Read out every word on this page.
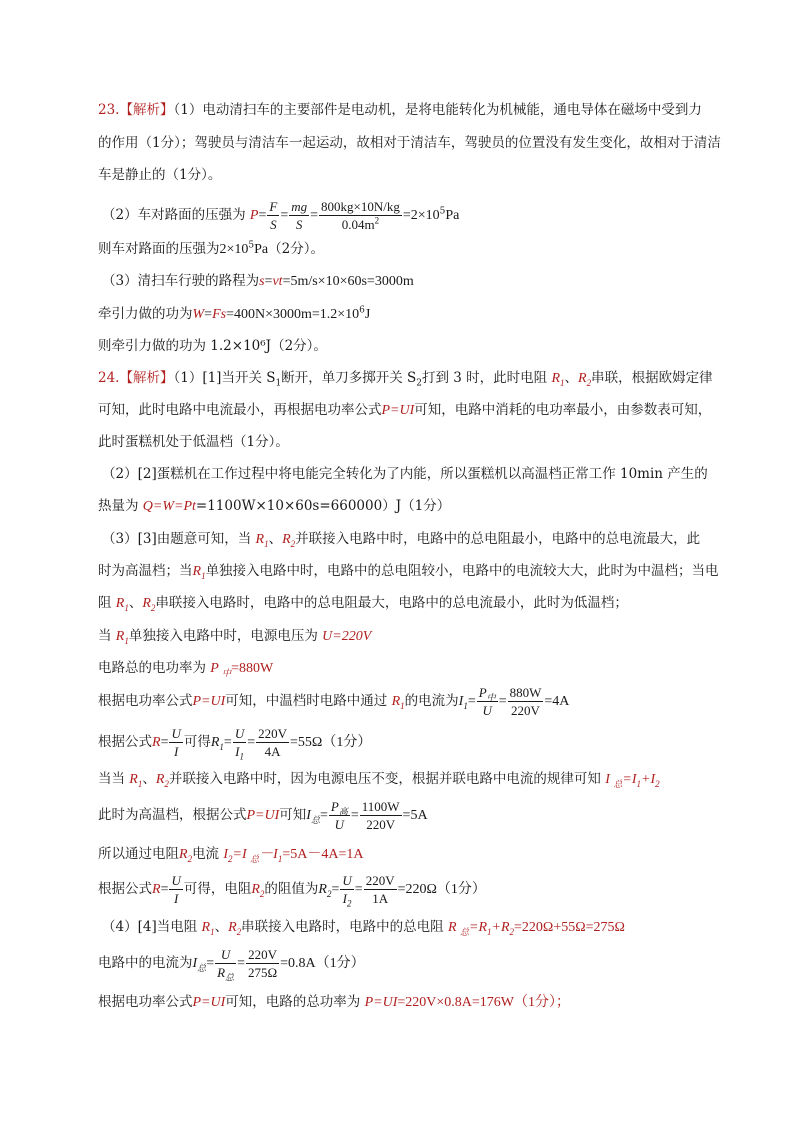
23.【解析】（1）电动清扫车的主要部件是电动机，是将电能转化为机械能，通电导体在磁场中受到力
的作用（1分）；驾驶员与清洁车一起运动，故相对于清洁车，驾驶员的位置没有发生变化，故相对于清洁
车是静止的（1分）。
（2）车对路面的压强为 $P= \frac{F}{S} = \frac{mg}{S} = \frac{800kg\times 10N/kg}{0.04m^2} =2\times 10^5Pa$
则车对路面的压强为$2\times 10^5Pa(2$分）。
（3）清扫车行驶的路程为s=vt=5m/s×10×60s=3000m
牵引力做的功为$W=Fs=400N\times 3000m=1.2\times 10^6J$
则牵引力做的功为 1.2×10⁶J（2分）。
24.【解析】（1）[1]当开关 $S_1$断开，单刀多掷开关 $S_2$打到 3 时，此时电阻 $R_1$、$R_2$串联，根据欧姆定律
可知，此时电路中电流最小，再根据电功率公式P=UI可知，电路中消耗的电功率最小，由参数表可知，
此时蛋糕机处于低温档（1分）。
（2）[2]蛋糕机在工作过程中将电能完全转化为了内能，所以蛋糕机以高温档正常工作 10min 产生的
热量为 Q=W=Pt=1100W×10×60s=660000）J（1分）
（3）[3]由题意可知，当 $R_1$、$R_2$并联接入电路中时，电路中的总电阻最小，电路中的总电流最大，此
时为高温档；当$R_1$单独接入电路中时，电路中的总电阻较小，电路中的电流较大大，此时为中温档；当电
阻 $R_1$、$R_2$串联接入电路时，电路中的总电阻最大，电路中的总电流最小，此时为低温档；
当 $R_1$单独接入电路中时，电源电压为 U=220V
电路总的电功率为 P $_中$=880W
根据电功率公式P=UI可知，中温档时电路中通过 $R_1$的电流为$I_1=$
$P_中$
U
= $\frac{880W}{220V} =4A$
根据公式$R= \frac{U}{I}$ 可得$R_1= \frac{U}{I_1} = \frac{220V}{4A} =55\Omega(1$分）
当当 $R_1$、$R_2$并联接入电路中时，因为电源电压不变，根据并联电路中电流的规律可知 I $_总=I_1+I_2$
此时为高温档，根据公式P=UI可知$I_总=$
$P_高$
U
= $\frac{1100W}{220V} =5A$
所以通过电阻$R_2$电流 $I_2=I$ $_总-I_1=5A-4A=1A$
根据公式$R= \frac{U}{I}$ 可得，电阻$R_2$的阻值为$R_2= \frac{U}{I_2} = \frac{220V}{1A} =220\Omega(1$分）
（4）[4]当电阻 $R_1$、$R_2$串联接入电路时，电路中的总电阻 R $_总=R_1+R_2=220\Omega+55\Omega=275\Omega$
电路中的电流为$I_总=$
U
$R_总$
= $\frac{220V}{275\Omega} =0.8A(1$分）
根据电功率公式P=UI可知，电路的总功率为 P=UI=220V×0.8A=176W（1分）；
